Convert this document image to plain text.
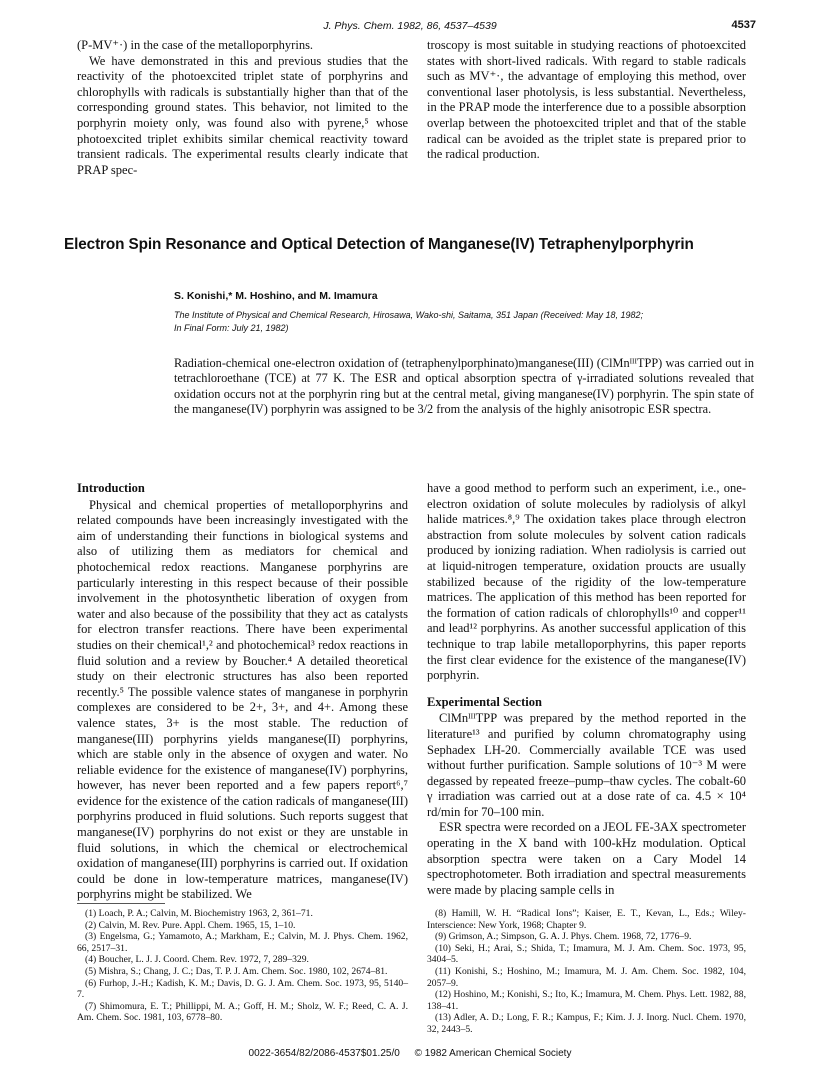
J. Phys. Chem. 1982, 86, 4537–4539	4537

(P-MV⁺·) in the case of the metalloporphyrins.

We have demonstrated in this and previous studies that the reactivity of the photoexcited triplet state of porphyrins and chlorophylls with radicals is substantially higher than that of the corresponding ground states. This behavior, not limited to the porphyrin moiety only, was found also with pyrene,⁵ whose photoexcited triplet exhibits similar chemical reactivity toward transient radicals. The experimental results clearly indicate that PRAP spec-

troscopy is most suitable in studying reactions of photoexcited states with short-lived radicals. With regard to stable radicals such as MV⁺·, the advantage of employing this method, over conventional laser photolysis, is less substantial. Nevertheless, in the PRAP mode the interference due to a possible absorption overlap between the photoexcited triplet and that of the stable radical can be avoided as the triplet state is prepared prior to the radical production.

Electron Spin Resonance and Optical Detection of Manganese(IV) Tetraphenylporphyrin
S. Konishi,* M. Hoshino, and M. Imamura
The Institute of Physical and Chemical Research, Hirosawa, Wako-shi, Saitama, 351 Japan (Received: May 18, 1982;
In Final Form: July 21, 1982)

Radiation-chemical one-electron oxidation of (tetraphenylporphinato)manganese(III) (ClMnᴵᴵᴵTPP) was carried out in tetrachloroethane (TCE) at 77 K. The ESR and optical absorption spectra of γ-irradiated solutions revealed that oxidation occurs not at the porphyrin ring but at the central metal, giving manganese(IV) porphyrin. The spin state of the manganese(IV) porphyrin was assigned to be 3/2 from the analysis of the highly anisotropic ESR spectra.

Introduction

Physical and chemical properties of metalloporphyrins and related compounds have been increasingly investigated with the aim of understanding their functions in biological systems and also of utilizing them as mediators for chemical and photochemical redox reactions. Manganese porphyrins are particularly interesting in this respect because of their possible involvement in the photosynthetic liberation of oxygen from water and also because of the possibility that they act as catalysts for electron transfer reactions. There have been experimental studies on their chemical¹,² and photochemical³ redox reactions in fluid solution and a review by Boucher.⁴ A detailed theoretical study on their electronic structures has also been reported recently.⁵ The possible valence states of manganese in porphyrin complexes are considered to be 2+, 3+, and 4+. Among these valence states, 3+ is the most stable. The reduction of manganese(III) porphyrins yields manganese(II) porphyrins, which are stable only in the absence of oxygen and water. No reliable evidence for the existence of manganese(IV) porphyrins, however, has never been reported and a few papers report⁶,⁷ evidence for the existence of the cation radicals of manganese(III) porphyrins produced in fluid solutions. Such reports suggest that manganese(IV) porphyrins do not exist or they are unstable in fluid solutions, in which the chemical or electrochemical oxidation of manganese(III) porphyrins is carried out. If oxidation could be done in low-temperature matrices, manganese(IV) porphyrins might be stabilized. We

have a good method to perform such an experiment, i.e., one-electron oxidation of solute molecules by radiolysis of alkyl halide matrices.⁸,⁹ The oxidation takes place through electron abstraction from solute molecules by solvent cation radicals produced by ionizing radiation. When radiolysis is carried out at liquid-nitrogen temperature, oxidation proucts are usually stabilized because of the rigidity of the low-temperature matrices. The application of this method has been reported for the formation of cation radicals of chlorophylls¹⁰ and copper¹¹ and lead¹² porphyrins. As another successful application of this technique to trap labile metalloporphyrins, this paper reports the first clear evidence for the existence of the manganese(IV) porphyrin.

Experimental Section

ClMnᴵᴵᴵTPP was prepared by the method reported in the literature¹³ and purified by column chromatography using Sephadex LH-20. Commercially available TCE was used without further purification. Sample solutions of 10⁻³ M were degassed by repeated freeze–pump–thaw cycles. The cobalt-60 γ irradiation was carried out at a dose rate of ca. 4.5 × 10⁴ rd/min for 70–100 min.

ESR spectra were recorded on a JEOL FE-3AX spectrometer operating in the X band with 100-kHz modulation. Optical absorption spectra were taken on a Cary Model 14 spectrophotometer. Both irradiation and spectral measurements were made by placing sample cells in

(1) Loach, P. A.; Calvin, M. Biochemistry 1963, 2, 361–71.

(2) Calvin, M. Rev. Pure. Appl. Chem. 1965, 15, 1–10.

(3) Engelsma, G.; Yamamoto, A.; Markham, E.; Calvin, M. J. Phys. Chem. 1962, 66, 2517–31.

(4) Boucher, L. J. J. Coord. Chem. Rev. 1972, 7, 289–329.

(5) Mishra, S.; Chang, J. C.; Das, T. P. J. Am. Chem. Soc. 1980, 102, 2674–81.

(6) Furhop, J.-H.; Kadish, K. M.; Davis, D. G. J. Am. Chem. Soc. 1973, 95, 5140–7.

(7) Shimomura, E. T.; Phillippi, M. A.; Goff, H. M.; Sholz, W. F.; Reed, C. A. J. Am. Chem. Soc. 1981, 103, 6778–80.

(8) Hamill, W. H. “Radical Ions”; Kaiser, E. T., Kevan, L., Eds.; Wiley-Interscience: New York, 1968; Chapter 9.

(9) Grimson, A.; Simpson, G. A. J. Phys. Chem. 1968, 72, 1776–9.

(10) Seki, H.; Arai, S.; Shida, T.; Imamura, M. J. Am. Chem. Soc. 1973, 95, 3404–5.

(11) Konishi, S.; Hoshino, M.; Imamura, M. J. Am. Chem. Soc. 1982, 104, 2057–9.

(12) Hoshino, M.; Konishi, S.; Ito, K.; Imamura, M. Chem. Phys. Lett. 1982, 88, 138–41.

(13) Adler, A. D.; Long, F. R.; Kampus, F.; Kim. J. J. Inorg. Nucl. Chem. 1970, 32, 2443–5.

0022-3654/82/2086-4537$01.25/0 © 1982 American Chemical Society
